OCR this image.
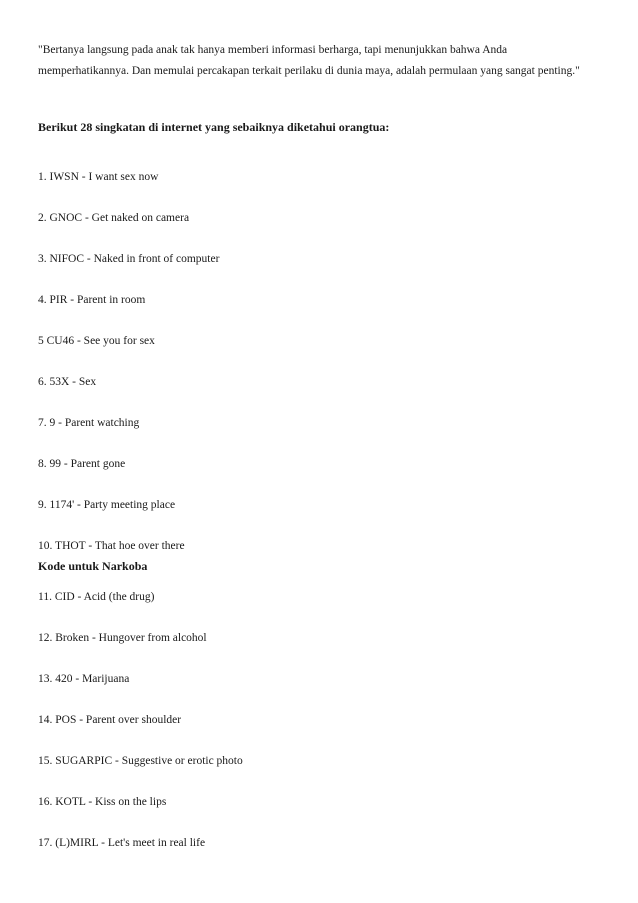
"Bertanya langsung pada anak tak hanya memberi informasi berharga, tapi menunjukkan bahwa Anda memperhatikannya. Dan memulai percakapan terkait perilaku di dunia maya, adalah permulaan yang sangat penting."

Berikut 28 singkatan di internet yang sebaiknya diketahui orangtua:

1. IWSN - I want sex now

2. GNOC - Get naked on camera

3. NIFOC - Naked in front of computer

4. PIR - Parent in room

5 CU46 - See you for sex

6. 53X - Sex

7. 9 - Parent watching

8. 99 - Parent gone

9. 1174' - Party meeting place

10. THOT - That hoe over there

Kode untuk Narkoba

11. CID - Acid (the drug)

12. Broken - Hungover from alcohol

13. 420 - Marijuana

14. POS - Parent over shoulder

15. SUGARPIC - Suggestive or erotic photo

16. KOTL - Kiss on the lips

17. (L)MIRL - Let's meet in real life
